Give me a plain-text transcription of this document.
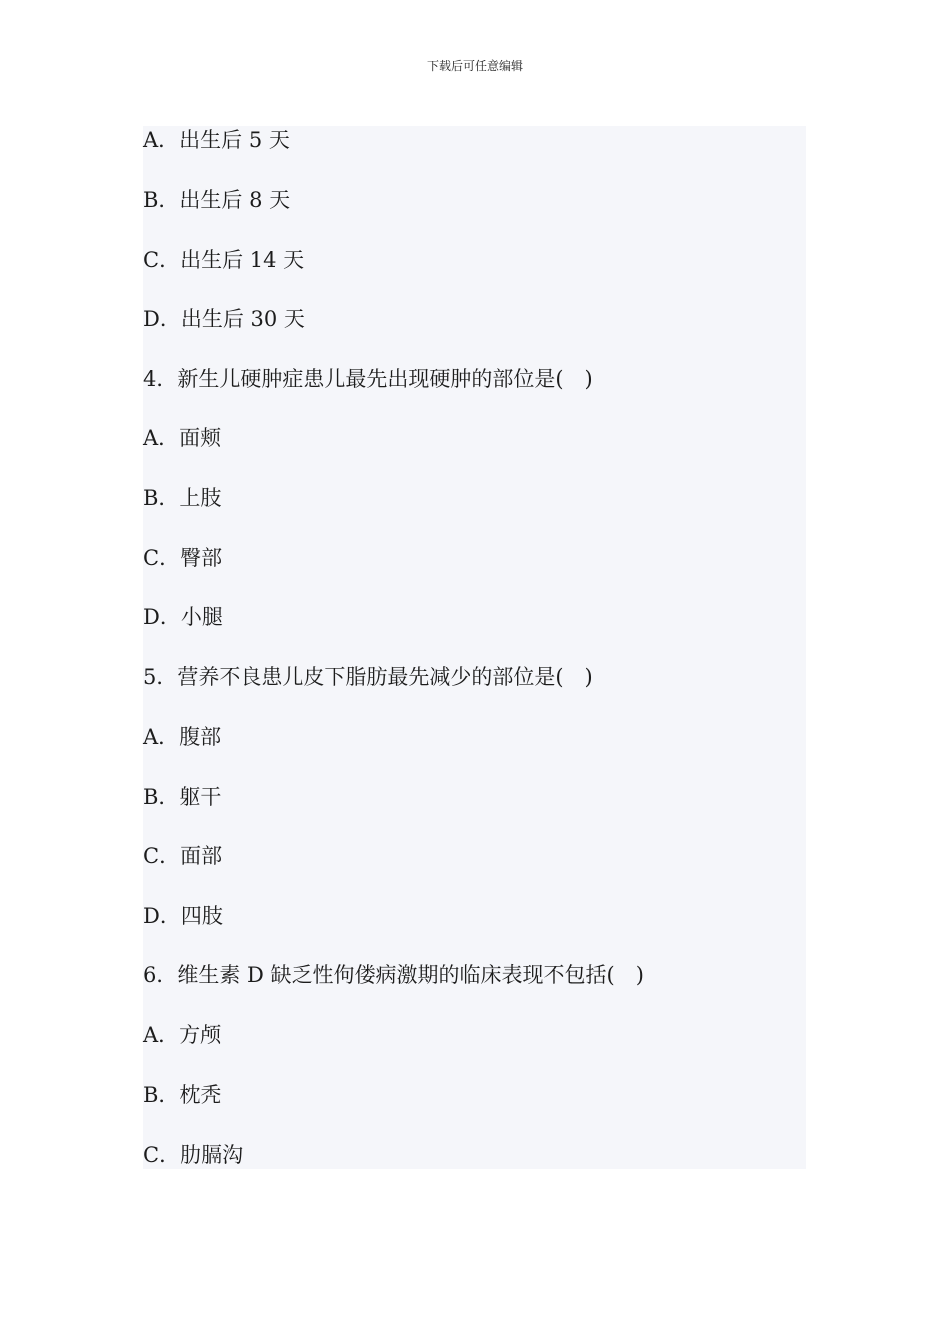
下载后可任意编辑
A．出生后 5 天
B．出生后 8 天
C．出生后 14 天
D．出生后 30 天
4．新生儿硬肿症患儿最先出现硬肿的部位是(　)
A．面颊
B．上肢
C．臀部
D．小腿
5．营养不良患儿皮下脂肪最先减少的部位是(　)
A．腹部
B．躯干
C．面部
D．四肢
6．维生素 D 缺乏性佝偻病激期的临床表现不包括(　)
A．方颅
B．枕秃
C．肋膈沟
